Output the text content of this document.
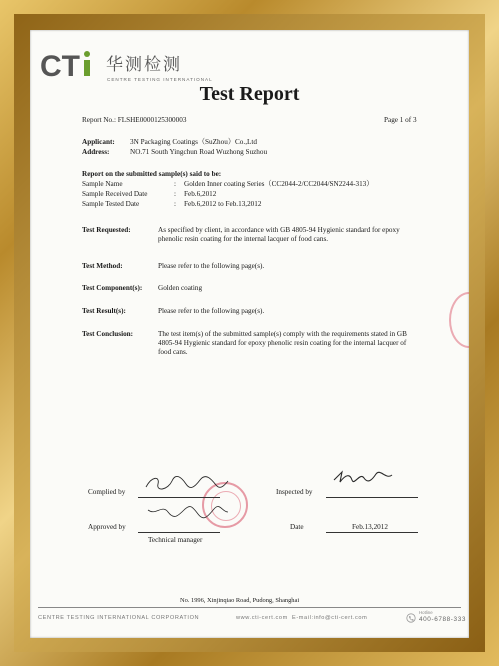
CT 华测检测
CENTRE TESTING INTERNATIONAL
Test Report
Report No.: FLSHE0000125300003	Page 1 of 3
Applicant: 3N Packaging Coatings（SuZhou）Co.,Ltd
Address:	NO.71 South Yingchun Road Wuzhong Suzhou
Report on the submitted sample(s) said to be:
Sample Name	: Golden Inner coating Series（CC2044-2/CC2044/SN2244-313）
Sample Received Date	: Feb.6,2012
Sample Tested Date	: Feb.6,2012 to Feb.13,2012
Test Requested:	As specified by client, in accordance with GB 4805-94 Hygienic standard for epoxy phenolic resin coating for the internal lacquer of food cans.
Test Method:	Please refer to the following page(s).
Test Component(s): Golden coating
Test Result(s):	Please refer to the following page(s).
Test Conclusion:	The test item(s) of the submitted sample(s) comply with the requirements stated in GB 4805-94 Hygienic standard for epoxy phenolic resin coating for the internal lacquer of food cans.
Complied by	Inspected by
Approved by
Technical manager
Date	Feb.13,2012
No. 1996, Xinjinqiao Road, Pudong, Shanghai
CENTRE TESTING INTERNATIONAL CORPORATION	www.cti-cert.com E-mail:info@cti-cert.com
Hotline
400-6788-333
